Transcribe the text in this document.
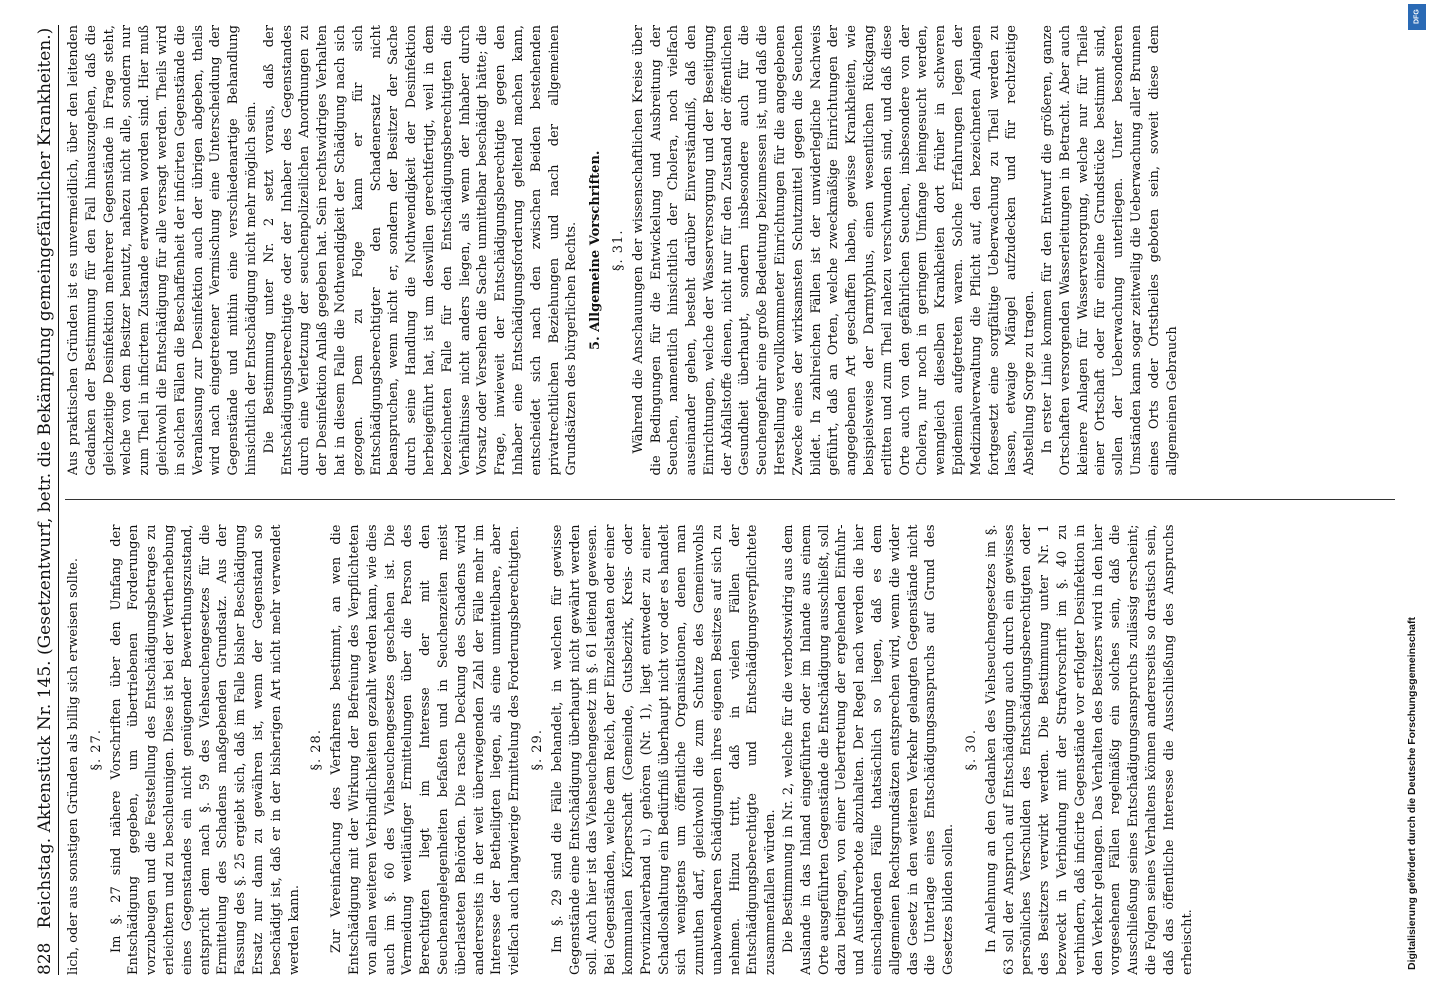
828
Reichstag. Aktenstück Nr. 145. (Gesetzentwurf, betr. die Bekämpfung gemeingefährlicher Krankheiten.) lich, oder aus sonstigen Gründen als billig sich erweisen sollte. §. 27. Im §. 27 sind nähere Vorschriften über den Umfang der Entschädigung gegeben, um übertriebenen Forderungen vorzubeugen und die Feststellung des Entschädigungsbetrages zu erleichtern und zu beschleunigen. Diese ist bei der Wertherhebung eines Gegenstandes ein nicht genügender Bewerthungszustand, entspricht dem nach §. 59 des Viehseuchengesetzes für die Ermittelung des Schadens maßgebenden Grundsatz. Aus der Fassung des §. 25 ergiebt sich, daß im Falle bisher Beschädigung Ersatz nur dann zu gewähren ist, wenn der Gegenstand so beschädigt ist, daß er in der bisherigen Art nicht mehr verwendet werden kann.

§. 28. Zur Vereinfachung des Verfahrens bestimmt, an wen die Entschädigung mit der Wirkung der Befreiung des Verpflichteten von allen weiteren Verbindlichkeiten gezahlt werden kann, wie dies auch im §. 60 des Viehseuchengesetzes geschehen ist. Die Vermeidung weitläufiger Ermittelungen über die Person des Berechtigten liegt im Interesse der mit den Seuchenangelegenheiten befaßten und in Seuchenzeiten meist überlasteten Behörden. Die rasche Deckung des Schadens wird andererseits in der weit überwiegenden Zahl der Fälle mehr im Interesse der Betheiligten liegen, als eine unmittelbare, aber vielfach auch langwierige Ermittelung des Forderungsberechtigten. §. 29. Im §. 29 sind die Fälle behandelt, in welchen für gewisse Gegenstände eine Entschädigung überhaupt nicht gewährt werden soll. Auch hier ist das Viehseuchengesetz im §. 61 leitend gewesen. Bei Gegenständen, welche dem Reich, der Einzelstaaten oder einer kommunalen Körperschaft (Gemeinde, Gutsbezirk, Kreis- oder Provinzialverband u.) gehören (Nr. 1), liegt entweder zu einer Schadloshaltung ein Bedürfniß überhaupt nicht vor oder es handelt sich wenigstens um öffentliche Organisationen, denen man zumuthen darf, gleichwohl die zum Schutze des Gemeinwohls unabwendbaren Schädigungen ihres eigenen Besitzes auf sich zu nehmen. Hinzu tritt, daß in vielen Fällen der Entschädigungsberechtigte und Entschädigungsverpflichtete zusammenfallen würden. Die Bestimmung in Nr. 2, welche für die verbotswidrig aus dem Auslande in das Inland eingeführten oder im Inlande aus einem Orte ausgeführten Gegenstände die Entschädigung ausschließt, soll dazu beitragen, von einer Uebertretung der ergehenden Einfuhr- und Ausfuhrverbote abzuhalten. Der Regel nach werden die hier einschlagenden Fälle thatsächlich so liegen, daß es dem allgemeinen Rechtsgrundsätzen entsprechen wird, wenn die wider das Gesetz in den weiteren Verkehr gelangten Gegenstände nicht die Unterlage eines Entschädigungsanspruchs auf Grund des Gesetzes bilden sollen.

§. 30. In Anlehnung an den Gedanken des Viehseuchengesetzes im §. 63 soll der Anspruch auf Entschädigung auch durch ein gewisses persönliches Verschulden des Entschädigungsberechtigten oder des Besitzers verwirkt werden. Die Bestimmung unter Nr. 1 bezweckt in Verbindung mit der Strafvorschrift im §. 40 zu verhindern, daß inficirte Gegenstände vor erfolgter Desinfektion in den Verkehr gelangen. Das Verhalten des Besitzers wird in den hier vorgesehenen Fällen regelmäßig ein solches sein, daß die Ausschließung seines Entschädigungsanspruchs zulässig erscheint; die Folgen seines Verhaltens können andererseits so drastisch sein, daß das öffentliche Interesse die Ausschließung des Anspruchs erheischt.

Aus praktischen Gründen ist es unvermeidlich, über den leitenden Gedanken der Bestimmung für den Fall hinauszugehen, daß die gleichzeitige Desinfektion mehrerer Gegenstände in Frage steht, welche von dem Besitzer benutzt, nahezu nicht alle, sondern nur zum Theil in inficirtem Zustande erworben worden sind. Hier muß gleichwohl die Entschädigung für alle versagt werden. Theils wird in solchen Fällen die Beschaffenheit der inficirten Gegenstände die Veranlassung zur Desinfektion auch der übrigen abgeben, theils wird nach eingetretener Vermischung eine Unterscheidung der Gegenstände und mithin eine verschiedenartige Behandlung hinsichtlich der Entschädigung nicht mehr möglich sein. Die Bestimmung unter Nr. 2 setzt voraus, daß der Entschädigungsberechtigte oder der Inhaber des Gegenstandes durch eine Verletzung der seuchenpolizeilichen Anordnungen zu der Desinfektion Anlaß gegeben hat. Sein rechtswidriges Verhalten hat in diesem Falle die Nothwendigkeit der Schädigung nach sich gezogen. Dem zu Folge kann er für sich Entschädigungsberechtigter den Schadenersatz nicht beanspruchen, wenn nicht er, sondern der Besitzer der Sache durch seine Handlung die Nothwendigkeit der Desinfektion herbeigeführt hat, ist um deswillen gerechtfertigt, weil in dem bezeichneten Falle für den Entschädigungsberechtigten die Verhältnisse nicht anders liegen, als wenn der Inhaber durch Vorsatz oder Versehen die Sache unmittelbar beschädigt hätte; die Frage, inwieweit der Entschädigungsberechtigte gegen den Inhaber eine Entschädigungsforderung geltend machen kann, entscheidet sich nach den zwischen Beiden bestehenden privatrechtlichen Beziehungen und nach der allgemeinen Grundsätzen des bürgerlichen Rechts. 5. Allgemeine Vorschriften. §. 31. Während die Anschauungen der wissenschaftlichen Kreise über die Bedingungen für die Entwickelung und Ausbreitung der Seuchen, namentlich hinsichtlich der Cholera, noch vielfach auseinander gehen, besteht darüber Einverständniß, daß den Einrichtungen, welche der Wasserversorgung und der Beseitigung der Abfallstoffe dienen, nicht nur für den Zustand der öffentlichen Gesundheit überhaupt, sondern insbesondere auch für die Seuchengefahr eine große Bedeutung beizumessen ist, und daß die Herstellung vervollkommneter Einrichtungen für die angegebenen Zwecke eines der wirksamsten Schutzmittel gegen die Seuchen bildet. In zahlreichen Fällen ist der unwiderlegliche Nachweis geführt, daß an Orten, welche zweckmäßige Einrichtungen der angegebenen Art geschaffen haben, gewisse Krankheiten, wie beispielsweise der Darmtyphus, einen wesentlichen Rückgang erlitten und zum Theil nahezu verschwunden sind, und daß diese Orte auch von den gefährlichen Seuchen, insbesondere von der Cholera, nur noch in geringem Umfange heimgesucht werden, wenngleich dieselben Krankheiten dort früher in schweren Epidemien aufgetreten waren. Solche Erfahrungen legen der Medizinalverwaltung die Pflicht auf, den bezeichneten Anlagen fortgesetzt eine sorgfältige Ueberwachung zu Theil werden zu lassen, etwaige Mängel aufzudecken und für rechtzeitige Abstellung Sorge zu tragen. In erster Linie kommen für den Entwurf die größeren, ganze Ortschaften versorgenden Wasserleitungen in Betracht. Aber auch kleinere Anlagen für Wasserversorgung, welche nur für Theile einer Ortschaft oder für einzelne Grundstücke bestimmt sind, sollen der Ueberwachung unterliegen. Unter besonderen Umständen kann sogar zeitweilig die Ueberwachung aller Brunnen eines Orts oder Ortstheiles geboten sein, soweit diese dem allgemeinen Gebrauch

Digitalisierung gefördert durch die Deutsche Forschungsgemeinschaft
DFG
